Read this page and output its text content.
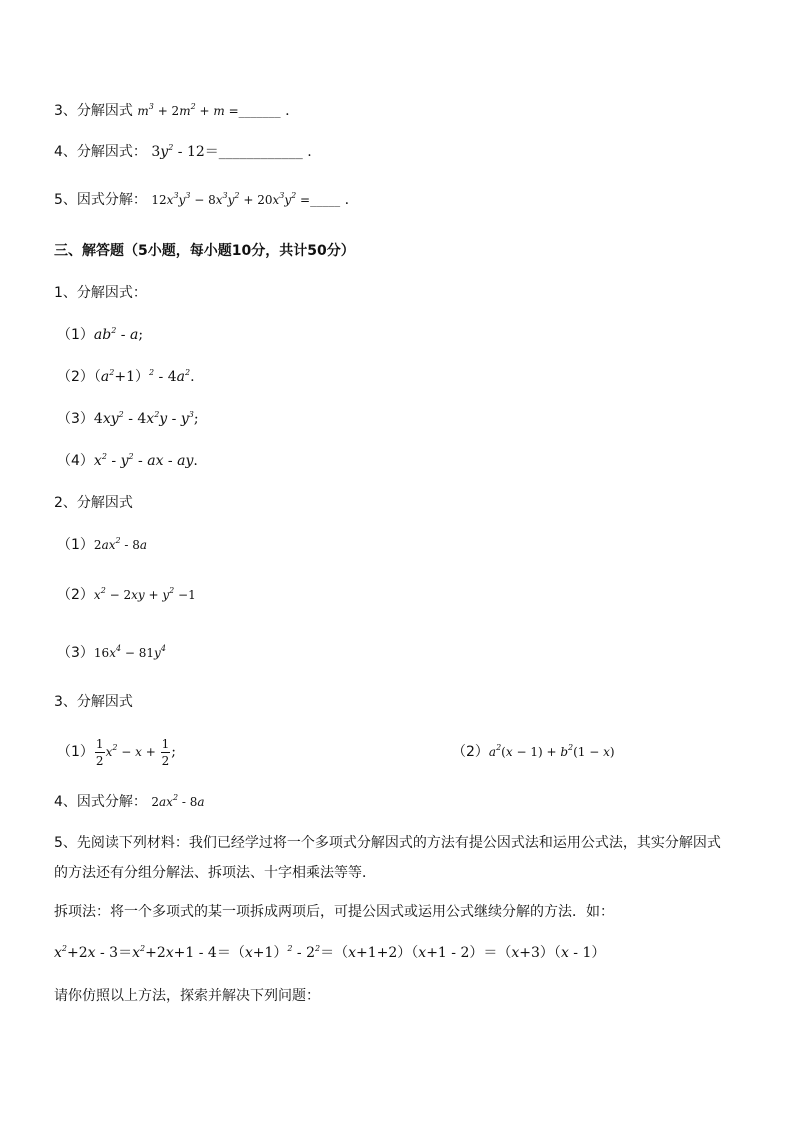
3、分解因式 $m^3 + 2m^2 + m$ =_______ .
4、分解因式： $3y^2$ - 12＝____________ .
5、因式分解： $12x^3y^3 - 8x^3y^2 + 20x^3y^2$ =_____ .
三、解答题（5小题，每小题10分，共计50分）
1、分解因式：
$(1)ab^2$ - a;
$(2)(a^2+1)^2 - 4a^2$.
$(3)4xy^2 - 4x^2y - y^3$;
$(4)x^2 - y^2$ - ax - ay.
2、分解因式
$(1)2ax^2 - 8a$
$(2)x^2 - 2xy + y^2 -1$
$(3)16x^4 - 81y^4$
3、分解因式
$(1) \frac{1}{2} x^2 - x + \frac{1}{2}$ ;	$(2)a^2(x - 1) + b^2(1 - x)$
4、因式分解： $2ax^2 - 8a$
5、先阅读下列材料：我们已经学过将一个多项式分解因式的方法有提公因式法和运用公式法，其实分解因式的方法还有分组分解法、拆项法、十字相乘法等等．
拆项法：将一个多项式的某一项拆成两项后，可提公因式或运用公式继续分解的方法．如：
$x^2+2x - 3=x^2+2x+1 - 4=(x+1)^2 - 2^2=(x+1+2)(x+1 - 2)=(x+3)(x - 1)$
请你仿照以上方法，探索并解决下列问题：
